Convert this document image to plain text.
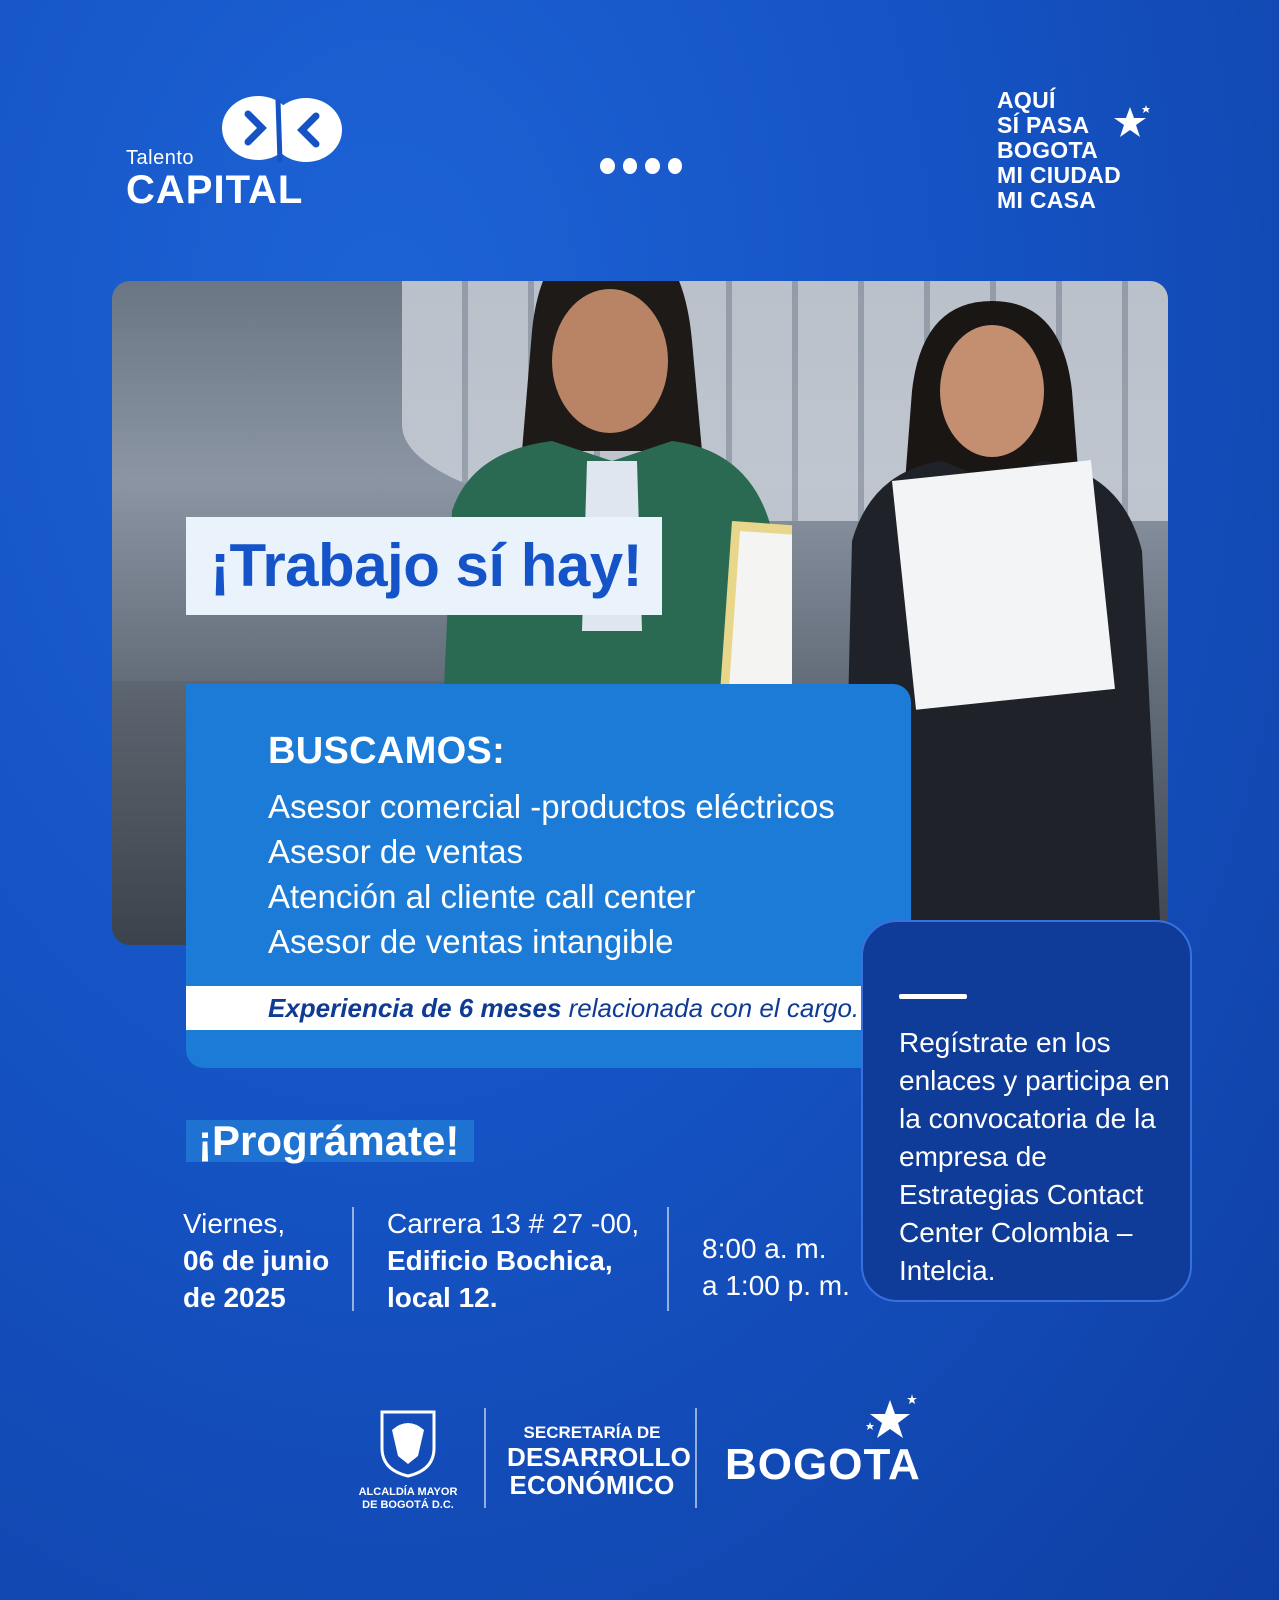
Talento
CAPITAL
AQUÍ
SÍ PASA
BOGOTA
MI CIUDAD
MI CASA
¡Trabajo sí hay!
BUSCAMOS:
Asesor comercial -productos eléctricos
Asesor de ventas
Atención al cliente call center
Asesor de ventas intangible
Experiencia de 6 meses relacionada con el cargo.
Regístrate en los enlaces y participa en la convocatoria de la empresa de Estrategias Contact Center Colombia – Intelcia.
¡Prográmate!
Viernes,
06 de junio
de 2025
Carrera 13 # 27 -00,
Edificio Bochica,
local 12.
8:00 a. m.
a 1:00 p. m.
ALCALDÍA MAYOR
DE BOGOTÁ D.C.
SECRETARÍA DE
DESARROLLO
ECONÓMICO BOGOTA
